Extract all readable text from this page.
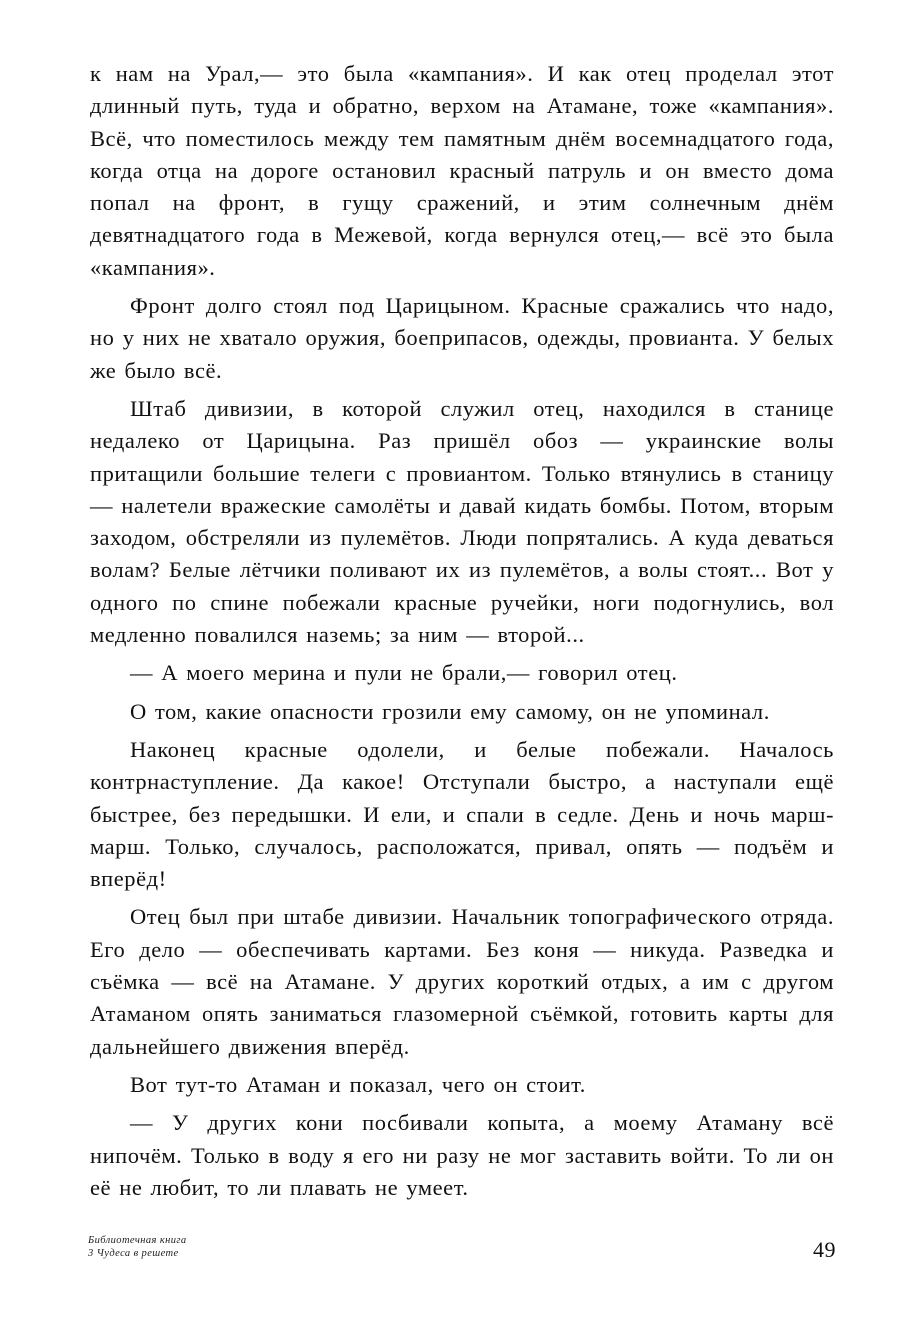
к нам на Урал,— это была «кампания». И как отец проделал этот длинный путь, туда и обратно, верхом на Атамане, тоже «кампания». Всё, что поместилось между тем памятным днём восемнадцатого года, когда отца на дороге остановил красный патруль и он вместо дома попал на фронт, в гущу сражений, и этим солнечным днём девятнадцатого года в Межевой, когда вернулся отец,— всё это была «кампания».

Фронт долго стоял под Царицыном. Красные сражались что надо, но у них не хватало оружия, боеприпасов, одежды, провианта. У белых же было всё.

Штаб дивизии, в которой служил отец, находился в станице недалеко от Царицына. Раз пришёл обоз — украинские волы притащили большие телеги с провиантом. Только втянулись в станицу — налетели вражеские самолёты и давай кидать бомбы. Потом, вторым заходом, обстреляли из пулемётов. Люди попрятались. А куда деваться волам? Белые лётчики поливают их из пулемётов, а волы стоят... Вот у одного по спине побежали красные ручейки, ноги подогнулись, вол медленно повалился наземь; за ним — второй...

— А моего мерина и пули не брали,— говорил отец.

О том, какие опасности грозили ему самому, он не упоминал.

Наконец красные одолели, и белые побежали. Началось контрнаступление. Да какое! Отступали быстро, а наступали ещё быстрее, без передышки. И ели, и спали в седле. День и ночь марш-марш. Только, случалось, расположатся, привал, опять — подъём и вперёд!

Отец был при штабе дивизии. Начальник топографического отряда. Его дело — обеспечивать картами. Без коня — никуда. Разведка и съёмка — всё на Атамане. У других короткий отдых, а им с другом Атаманом опять заниматься глазомерной съёмкой, готовить карты для дальнейшего движения вперёд.

Вот тут-то Атаман и показал, чего он стоит.

— У других кони посбивали копыта, а моему Атаману всё нипочём. Только в воду я его ни разу не мог заставить войти. То ли он её не любит, то ли плавать не умеет.

Библиотечная книга
3 Чудеса в решете	49
